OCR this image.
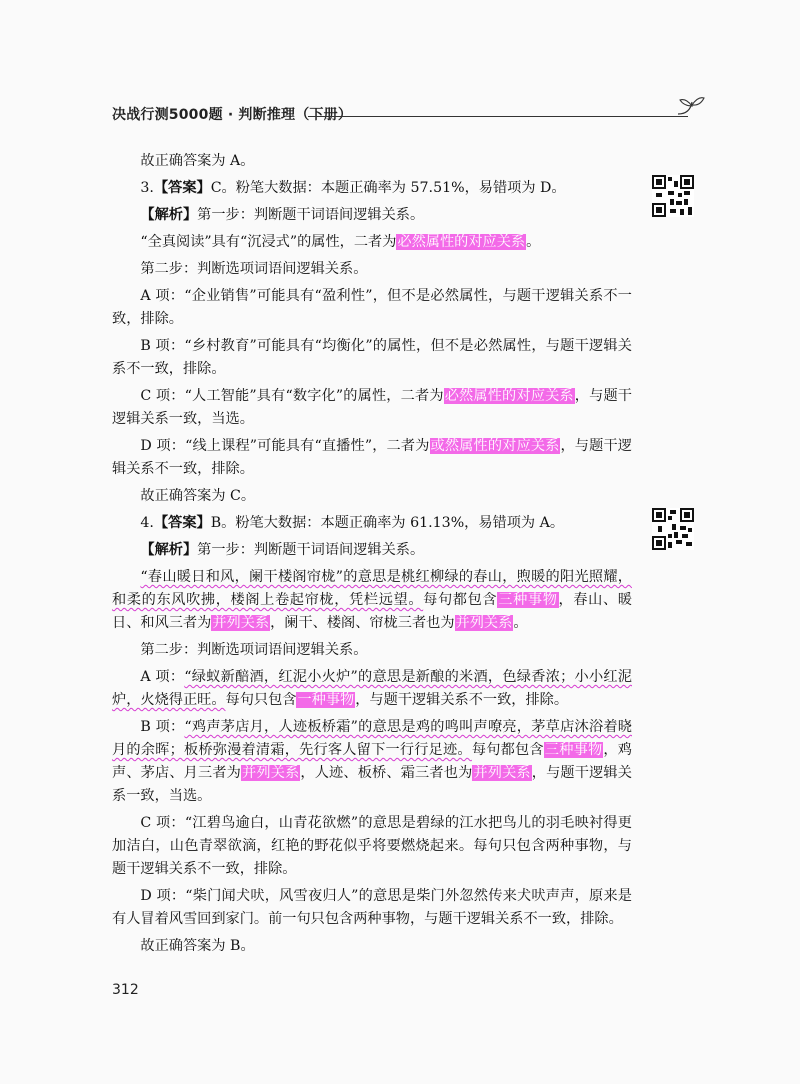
决战行测5000题 · 判断推理（下册）

故正确答案为 A。

3.【答案】C。粉笔大数据：本题正确率为 57.51%，易错项为 D。

【解析】第一步：判断题干词语间逻辑关系。

“全真阅读”具有“沉浸式”的属性，二者为必然属性的对应关系。

第二步：判断选项词语间逻辑关系。

A 项：“企业销售”可能具有“盈利性”，但不是必然属性，与题干逻辑关系不一致，排除。

B 项：“乡村教育”可能具有“均衡化”的属性，但不是必然属性，与题干逻辑关系不一致，排除。

C 项：“人工智能”具有“数字化”的属性，二者为必然属性的对应关系，与题干逻辑关系一致，当选。

D 项：“线上课程”可能具有“直播性”，二者为或然属性的对应关系，与题干逻辑关系不一致，排除。

故正确答案为 C。

4.【答案】B。粉笔大数据：本题正确率为 61.13%，易错项为 A。

【解析】第一步：判断题干词语间逻辑关系。

“春山暖日和风，阑干楼阁帘栊”的意思是桃红柳绿的春山，煦暖的阳光照耀，和柔的东风吹拂，楼阁上卷起帘栊，凭栏远望。每句都包含三种事物，春山、暖日、和风三者为并列关系，阑干、楼阁、帘栊三者也为并列关系。

第二步：判断选项词语间逻辑关系。

A 项：“绿蚁新醅酒，红泥小火炉”的意思是新酿的米酒，色绿香浓；小小红泥炉，火烧得正旺。每句只包含一种事物，与题干逻辑关系不一致，排除。

B 项：“鸡声茅店月，人迹板桥霜”的意思是鸡的鸣叫声嘹亮，茅草店沐浴着晓月的余晖；板桥弥漫着清霜，先行客人留下一行行足迹。每句都包含三种事物，鸡声、茅店、月三者为并列关系，人迹、板桥、霜三者也为并列关系，与题干逻辑关系一致，当选。

C 项：“江碧鸟逾白，山青花欲燃”的意思是碧绿的江水把鸟儿的羽毛映衬得更加洁白，山色青翠欲滴，红艳的野花似乎将要燃烧起来。每句只包含两种事物，与题干逻辑关系不一致，排除。

D 项：“柴门闻犬吠，风雪夜归人”的意思是柴门外忽然传来犬吠声声，原来是有人冒着风雪回到家门。前一句只包含两种事物，与题干逻辑关系不一致，排除。

故正确答案为 B。

312
